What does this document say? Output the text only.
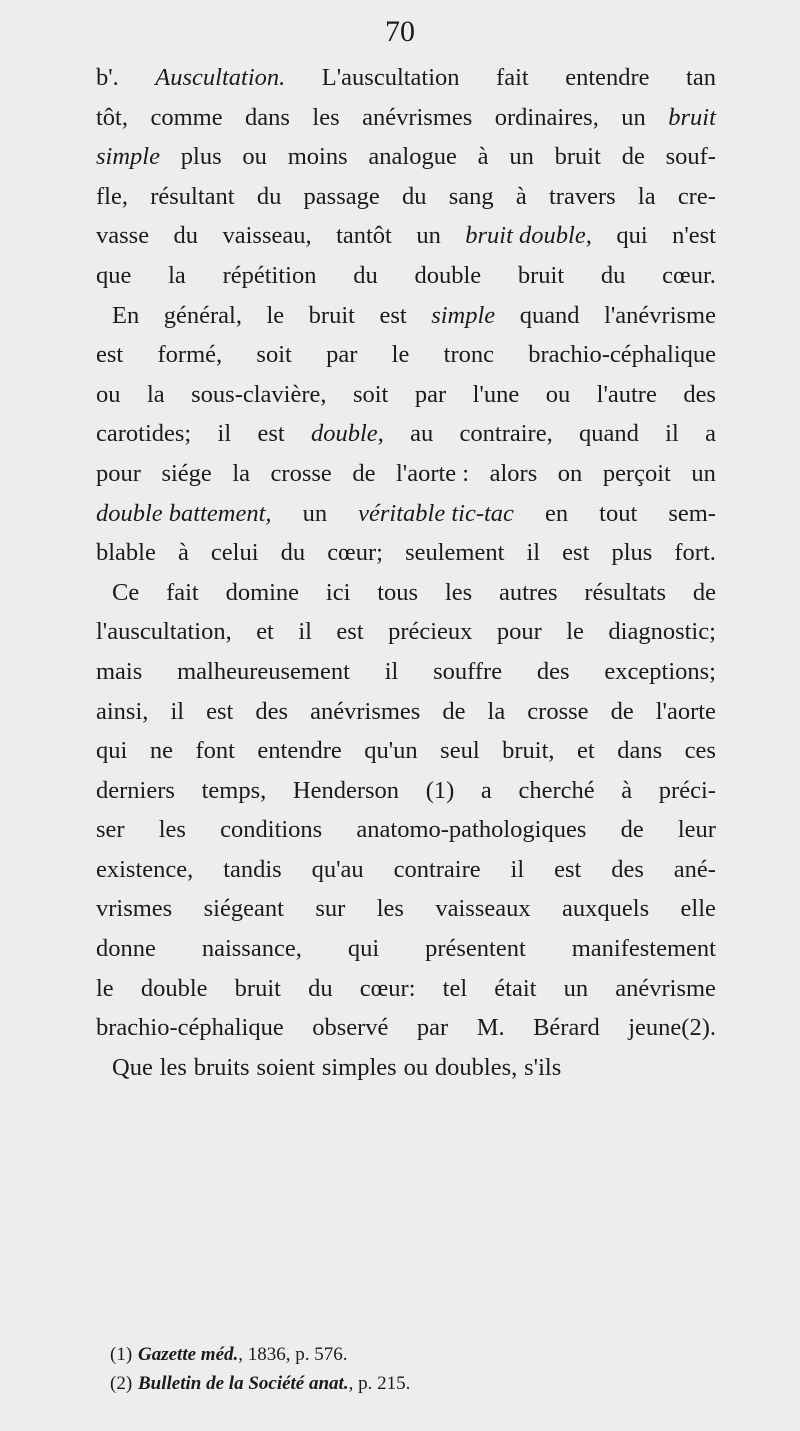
70
b'. Auscultation. L'auscultation fait entendre tan
tôt, comme dans les anévrismes ordinaires, un bruit
simple plus ou moins analogue à un bruit de souf-
fle, résultant du passage du sang à travers la cre-
vasse du vaisseau, tantôt un bruit double, qui n'est
que la répétition du double bruit du cœur.
En général, le bruit est simple quand l'anévrisme
est formé, soit par le tronc brachio-céphalique
ou la sous-clavière, soit par l'une ou l'autre des
carotides; il est double, au contraire, quand il a
pour siége la crosse de l'aorte : alors on perçoit un
double battement, un véritable tic-tac en tout sem-
blable à celui du cœur; seulement il est plus fort.
Ce fait domine ici tous les autres résultats de
l'auscultation, et il est précieux pour le diagnostic;
mais malheureusement il souffre des exceptions;
ainsi, il est des anévrismes de la crosse de l'aorte
qui ne font entendre qu'un seul bruit, et dans ces
derniers temps, Henderson (1) a cherché à préci-
ser les conditions anatomo-pathologiques de leur
existence, tandis qu'au contraire il est des ané-
vrismes siégeant sur les vaisseaux auxquels elle
donne naissance, qui présentent manifestement
le double bruit du cœur: tel était un anévrisme
brachio-céphalique observé par M. Bérard jeune(2).
Que les bruits soient simples ou doubles, s'ils
(1) Gazette méd., 1836, p. 576.
(2) Bulletin de la Société anat., p. 215.
